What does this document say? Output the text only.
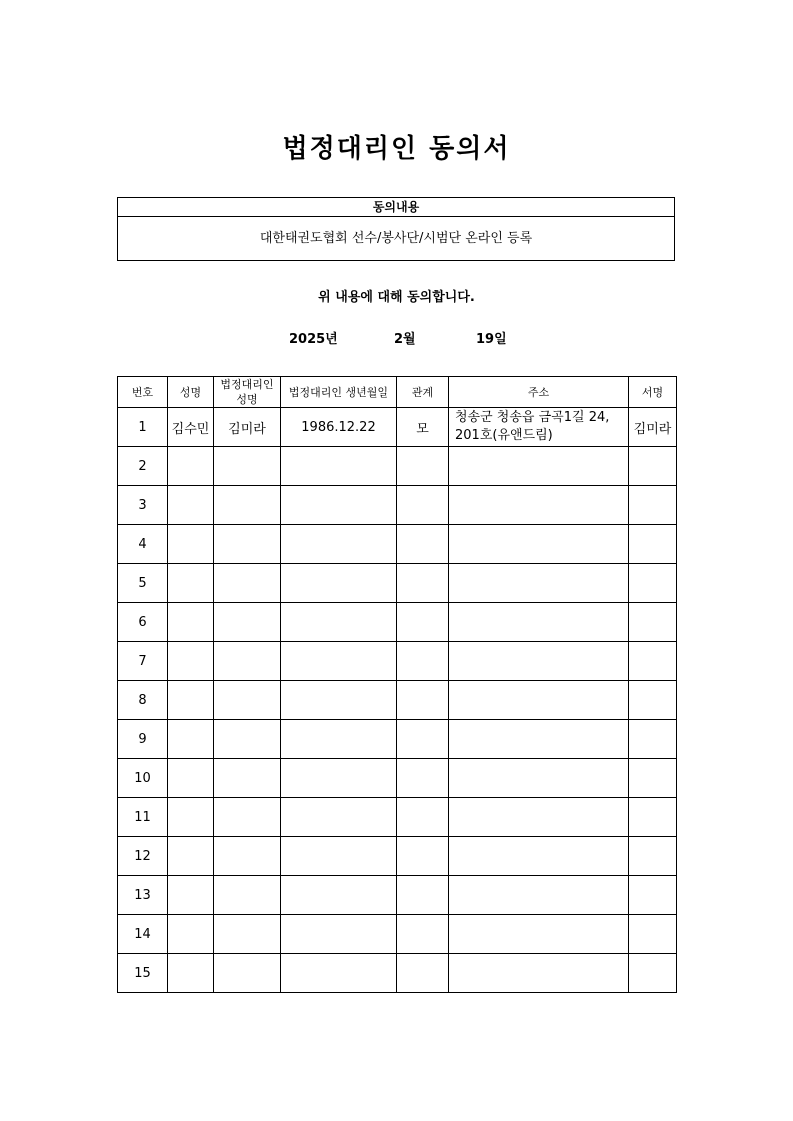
법정대리인 동의서
동의내용
대한태권도협회 선수/봉사단/시범단 온라인 등록
위 내용에 대해 동의합니다.
2025년	2월	19일
번호	성명	법정대리인 성명	법정대리인 생년월일	관계	주소	서명
1	김수민	김미라	1986.12.22	모	청송군 청송읍 금곡1길 24, 201호(유앤드림)	김미라
2						
3						
4						
5						
6						
7						
8						
9						
10						
11						
12						
13						
14						
15						
